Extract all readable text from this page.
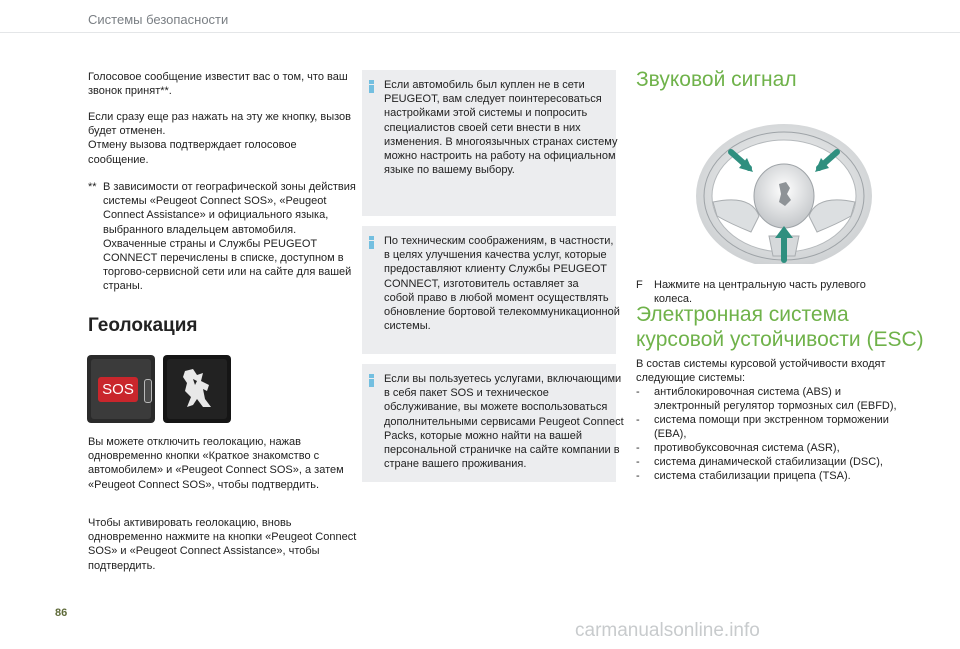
Системы безопасности
Голосовое сообщение известит вас о том, что ваш
звонок принят**.
Если сразу еще раз нажать на эту же кнопку, вызов
будет отменен.
Отмену вызова подтверждает голосовое
сообщение.
** В зависимости от географической зоны действия
системы «Peugeot Connect SOS», «Peugeot
Connect Assistance» и официального языка,
выбранного владельцем автомобиля.
Охваченные страны и Службы PEUGEOT
CONNECT перечислены в списке, доступном в
торгово-сервисной сети или на сайте для вашей
страны.
Геолокация
SOS
Вы можете отключить геолокацию, нажав
одновременно кнопки «Краткое знакомство с
автомобилем» и «Peugeot Connect SOS», а затем
«Peugeot Connect SOS», чтобы подтвердить.
Чтобы активировать геолокацию, вновь
одновременно нажмите на кнопки «Peugeot Connect
SOS» и «Peugeot Connect Assistance», чтобы
подтвердить.
Если автомобиль был куплен не в сети
PEUGEOT, вам следует поинтересоваться
настройками этой системы и попросить
специалистов своей сети внести в них
изменения. В многоязычных странах систему
можно настроить на работу на официальном
языке по вашему выбору.
По техническим соображениям, в частности,
в целях улучшения качества услуг, которые
предоставляют клиенту Службы PEUGEOT
CONNECT, изготовитель оставляет за
собой право в любой момент осуществлять
обновление бортовой телекоммуникационной
системы.
Если вы пользуетесь услугами, включающими
в себя пакет SOS и техническое
обслуживание, вы можете воспользоваться
дополнительными сервисами Peugeot Connect
Packs, которые можно найти на вашей
персональной страничке на сайте компании в
стране вашего проживания.
Звуковой сигнал
F	Нажмите на центральную часть рулевого
колеса.
Электронная система
курсовой устойчивости (ESC)
В состав системы курсовой устойчивости входят
следующие системы:
- антиблокировочная система (ABS) и
электронный регулятор тормозных сил (EBFD),
- система помощи при экстренном торможении
(EBA),
- противобуксовочная система (ASR),
- система динамической стабилизации (DSC),
- система стабилизации прицепа (TSA).
86
carmanualsonline.info
